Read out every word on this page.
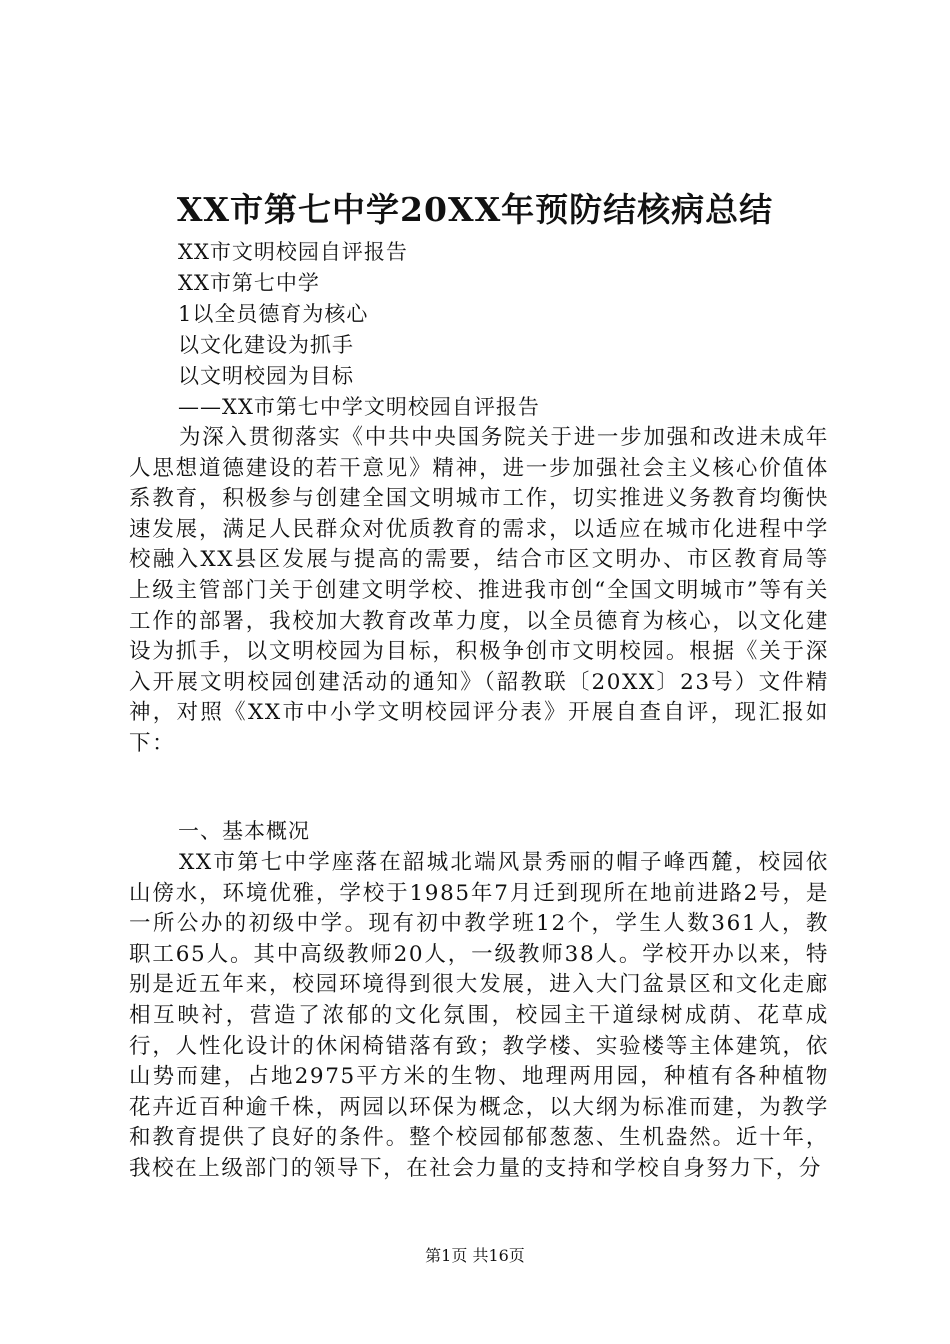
XX市第七中学20XX年预防结核病总结
XX市文明校园自评报告
XX市第七中学
1以全员德育为核心
以文化建设为抓手
以文明校园为目标
——XX市第七中学文明校园自评报告
为深入贯彻落实《中共中央国务院关于进一步加强和改进未成年人思想道德建设的若干意见》精神，进一步加强社会主义核心价值体系教育，积极参与创建全国文明城市工作，切实推进义务教育均衡快速发展，满足人民群众对优质教育的需求，以适应在城市化进程中学校融入XX县区发展与提高的需要，结合市区文明办、市区教育局等上级主管部门关于创建文明学校、推进我市创“全国文明城市”等有关工作的部署，我校加大教育改革力度，以全员德育为核心，以文化建设为抓手，以文明校园为目标，积极争创市文明校园。根据《关于深入开展文明校园创建活动的通知》（韶教联〔20XX〕23号）文件精神，对照《XX市中小学文明校园评分表》开展自查自评，现汇报如下：
一、基本概况
XX市第七中学座落在韶城北端风景秀丽的帽子峰西麓，校园依山傍水，环境优雅，学校于1985年7月迁到现所在地前进路2号，是一所公办的初级中学。现有初中教学班12个，学生人数361人，教职工65人。其中高级教师20人，一级教师38人。学校开办以来，特别是近五年来，校园环境得到很大发展，进入大门盆景区和文化走廊相互映衬，营造了浓郁的文化氛围，校园主干道绿树成荫、花草成行，人性化设计的休闲椅错落有致；教学楼、实验楼等主体建筑，依山势而建，占地2975平方米的生物、地理两用园，种植有各种植物花卉近百种逾千株，两园以环保为概念，以大纲为标准而建，为教学和教育提供了良好的条件。整个校园郁郁葱葱、生机盎然。近十年，我校在上级部门的领导下，在社会力量的支持和学校自身努力下，分
第1页 共16页
